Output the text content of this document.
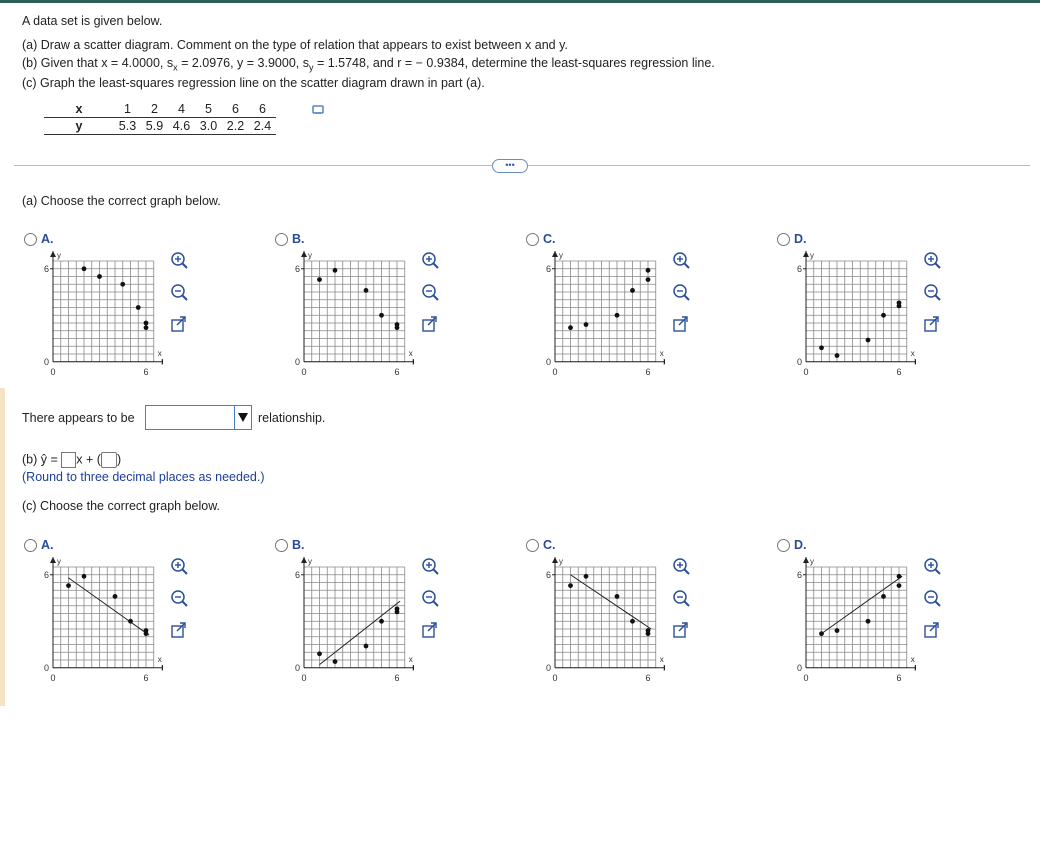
A data set is given below.
(a) Draw a scatter diagram. Comment on the type of relation that appears to exist between x and y.
(b) Given that x = 4.0000, $s_x = 2.0976$, y = 3.9000, $s_y = 1.5748$, and r = − 0.9384, determine the least-squares regression line.
(c) Graph the least-squares regression line on the scatter diagram drawn in part (a).
x	1	2	4	5	6	6
y	5.3	5.9	4.6	3.0	2.2	2.4
•••
(a) Choose the correct graph below.
A.
6
0
6
0
x
y
B.
6
0
6
0
x
y
C.
6
0
6
0
x
y
D.
6
0
6
0
x
y
There appears to be	relationship.
(b) ŷ = x + ( )
(Round to three decimal places as needed.)
(c) Choose the correct graph below.
A.
6
0
6
0
x
y
B.
6
0
6
0
x
y
C.
6
0
6
0
x
y
D.
6
0
6
0
x
y
